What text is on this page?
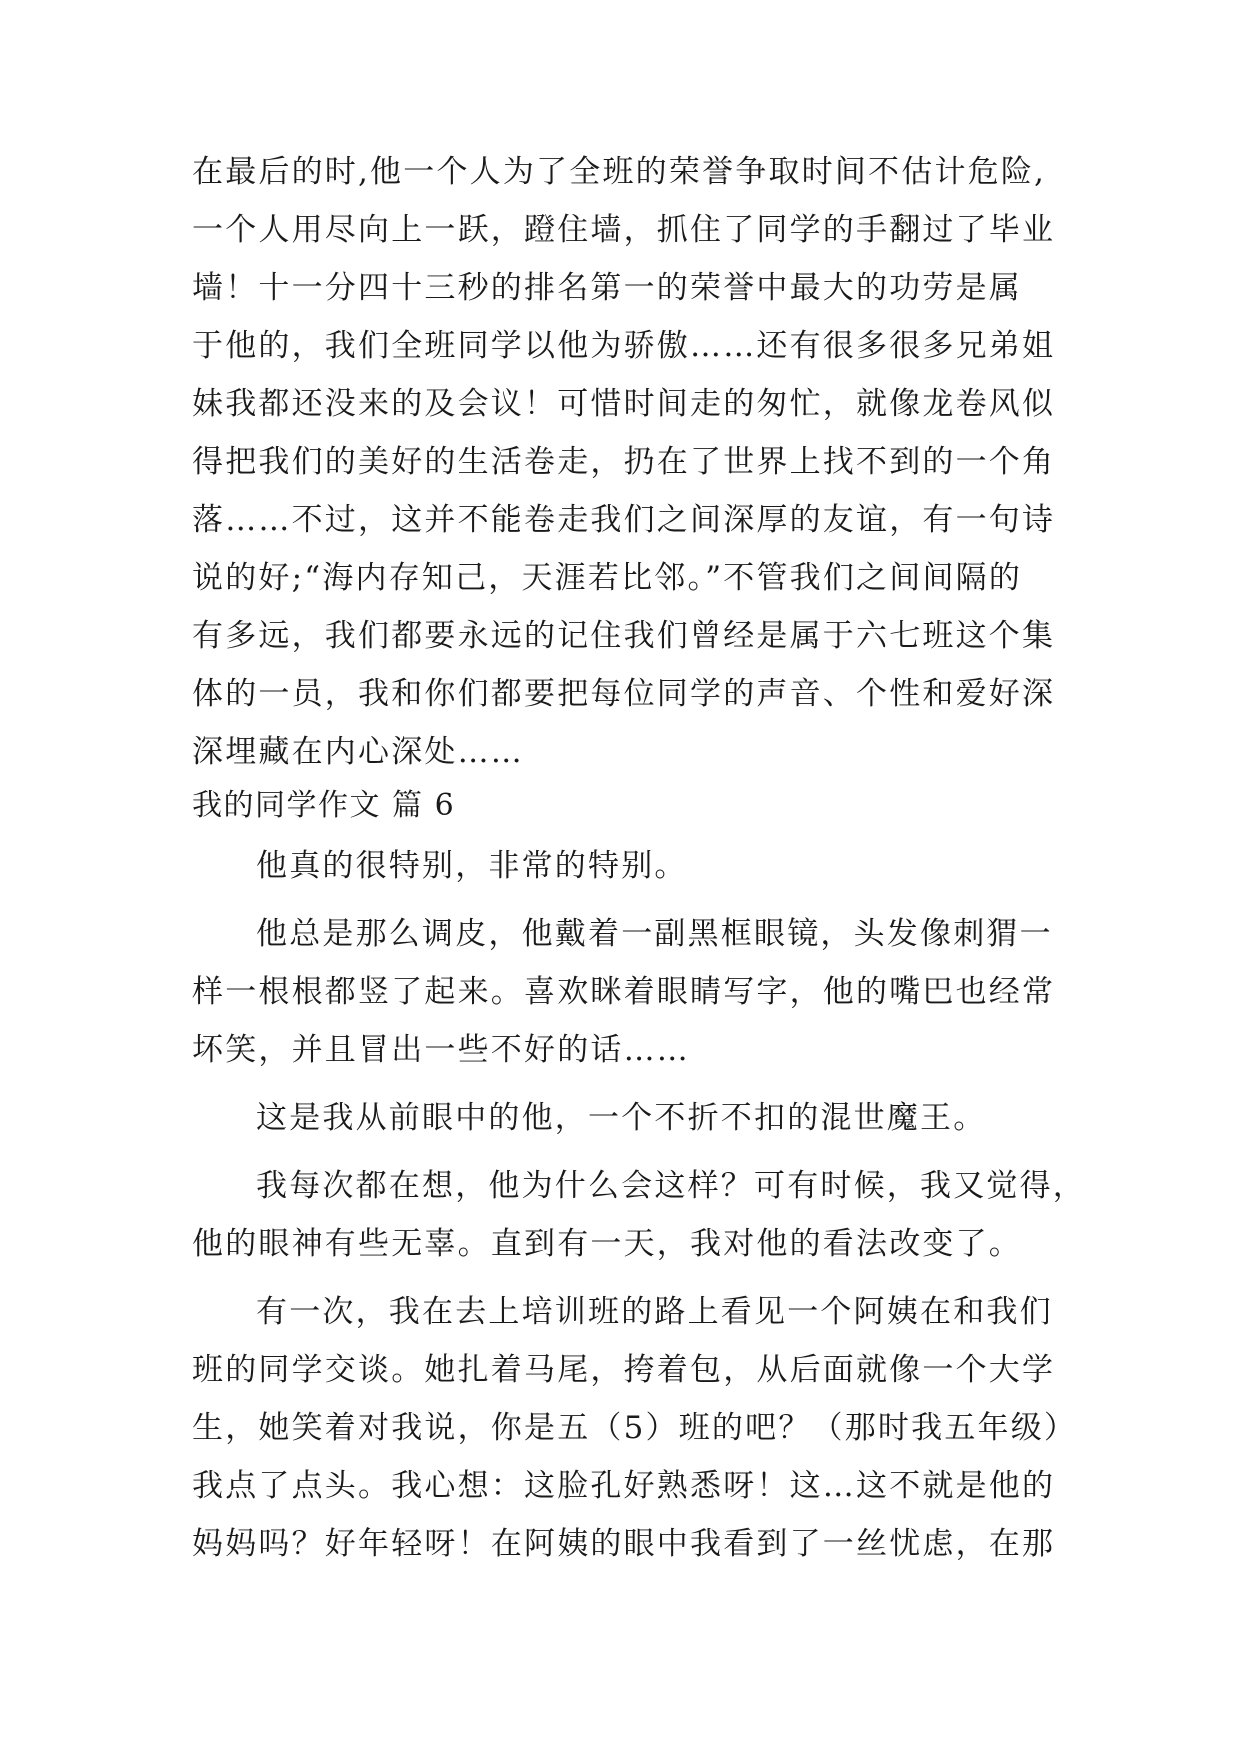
在最后的时,他一个人为了全班的荣誉争取时间不估计危险,
一个人用尽向上一跃，蹬住墙，抓住了同学的手翻过了毕业
墙！十一分四十三秒的排名第一的荣誉中最大的功劳是属
于他的，我们全班同学以他为骄傲……还有很多很多兄弟姐
妹我都还没来的及会议！可惜时间走的匆忙，就像龙卷风似
得把我们的美好的生活卷走，扔在了世界上找不到的一个角
落……不过，这并不能卷走我们之间深厚的友谊，有一句诗
说的好;“海内存知己，天涯若比邻。”不管我们之间间隔的
有多远，我们都要永远的记住我们曾经是属于六七班这个集
体的一员，我和你们都要把每位同学的声音、个性和爱好深
深埋藏在内心深处……
我的同学作文 篇 6
他真的很特别，非常的特别。
他总是那么调皮，他戴着一副黑框眼镜，头发像刺猬一
样一根根都竖了起来。喜欢眯着眼睛写字，他的嘴巴也经常
坏笑，并且冒出一些不好的话……
这是我从前眼中的他，一个不折不扣的混世魔王。
我每次都在想，他为什么会这样？可有时候，我又觉得，
他的眼神有些无辜。直到有一天，我对他的看法改变了。
有一次，我在去上培训班的路上看见一个阿姨在和我们
班的同学交谈。她扎着马尾，挎着包，从后面就像一个大学
生，她笑着对我说，你是五（5）班的吧？（那时我五年级）
我点了点头。我心想：这脸孔好熟悉呀！这…这不就是他的
妈妈吗？好年轻呀！在阿姨的眼中我看到了一丝忧虑，在那
